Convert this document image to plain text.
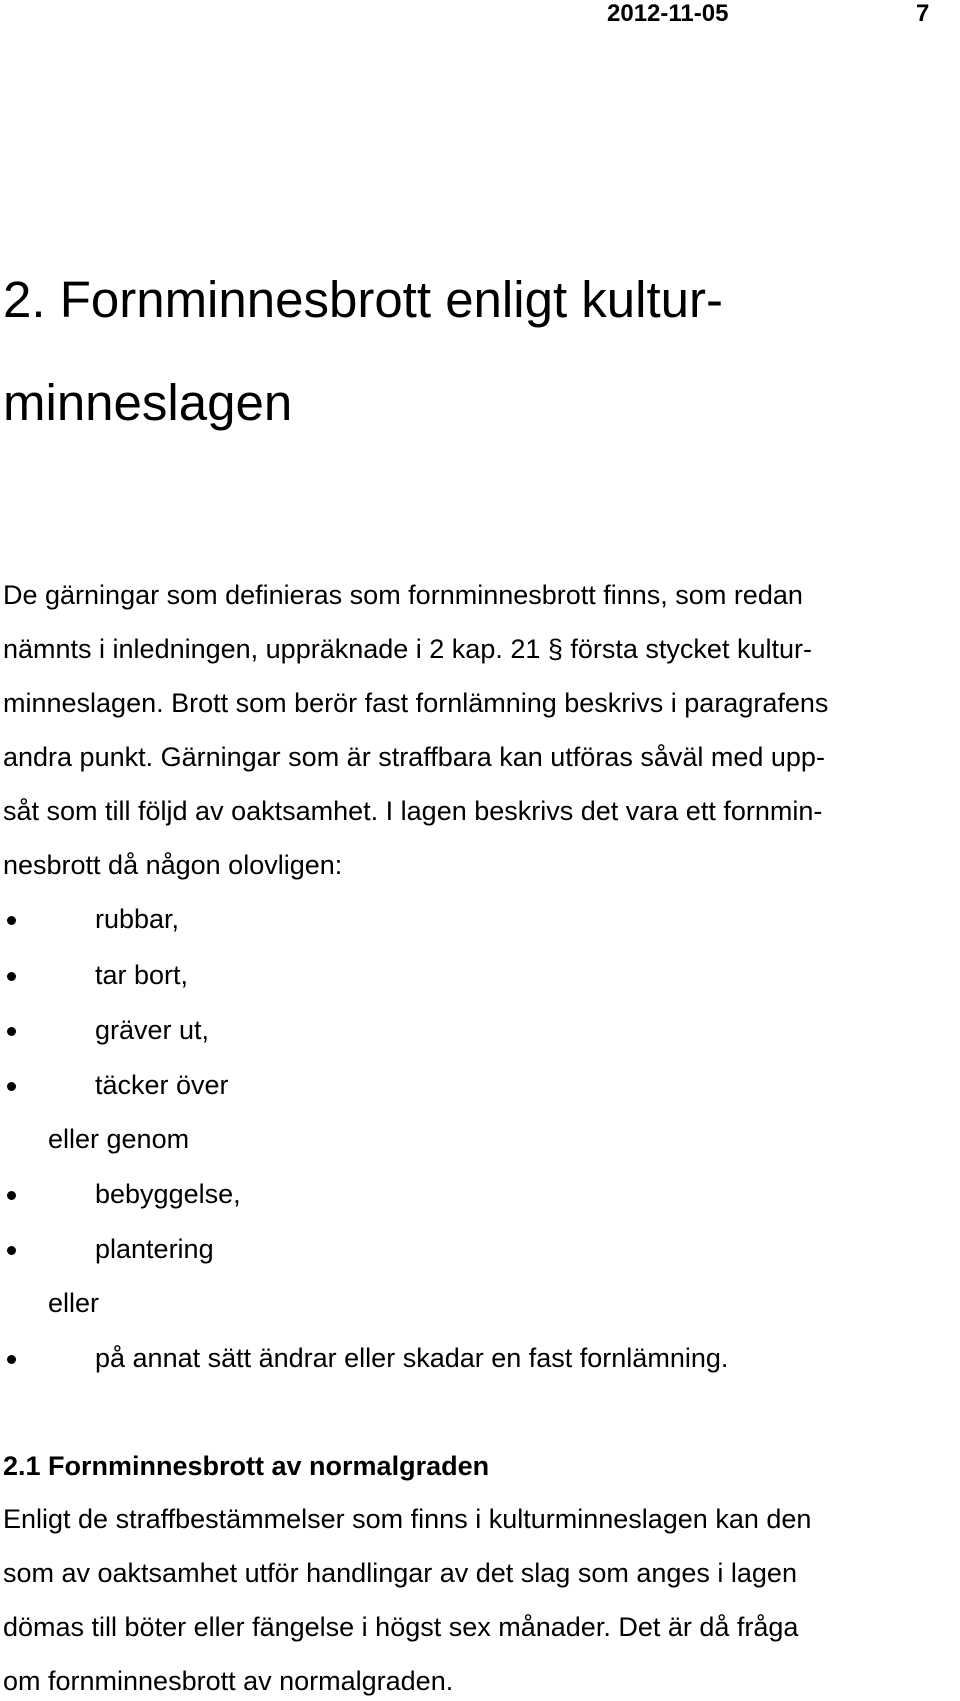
2012-11-05	7
2. Fornminnesbrott enligt kultur-
minneslagen
De gärningar som definieras som fornminnesbrott finns, som redan
nämnts i inledningen, uppräknade i 2 kap. 21 § första stycket kultur-
minneslagen. Brott som berör fast fornlämning beskrivs i paragrafens
andra punkt. Gärningar som är straffbara kan utföras såväl med upp-
såt som till följd av oaktsamhet. I lagen beskrivs det vara ett fornmin-
nesbrott då någon olovligen:
rubbar,
tar bort,
gräver ut,
täcker över
eller genom
bebyggelse,
plantering
eller
på annat sätt ändrar eller skadar en fast fornlämning.
2.1 Fornminnesbrott av normalgraden
Enligt de straffbestämmelser som finns i kulturminneslagen kan den
som av oaktsamhet utför handlingar av det slag som anges i lagen
dömas till böter eller fängelse i högst sex månader. Det är då fråga
om fornminnesbrott av normalgraden.
